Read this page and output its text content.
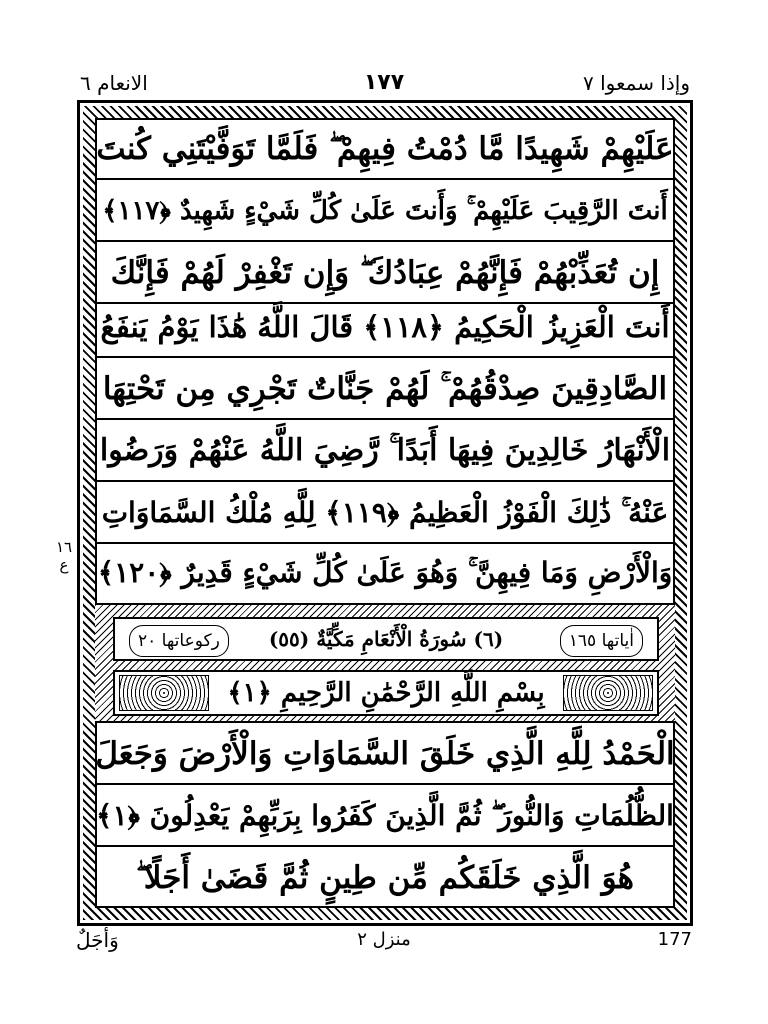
وإذا سمعوا ٧
١٧٧
الانعام ٦
عَلَيْهِمْ شَهِيدًا مَّا دُمْتُ فِيهِمْ ۖ فَلَمَّا تَوَفَّيْتَنِي كُنتَ
أَنتَ الرَّقِيبَ عَلَيْهِمْ ۚ وَأَنتَ عَلَىٰ كُلِّ شَيْءٍ شَهِيدٌ ﴿١١٧﴾
إِن تُعَذِّبْهُمْ فَإِنَّهُمْ عِبَادُكَ ۖ وَإِن تَغْفِرْ لَهُمْ فَإِنَّكَ
أَنتَ الْعَزِيزُ الْحَكِيمُ ﴿١١٨﴾ قَالَ اللَّهُ هَٰذَا يَوْمُ يَنفَعُ
الصَّادِقِينَ صِدْقُهُمْ ۚ لَهُمْ جَنَّاتٌ تَجْرِي مِن تَحْتِهَا
الْأَنْهَارُ خَالِدِينَ فِيهَا أَبَدًا ۚ رَّضِيَ اللَّهُ عَنْهُمْ وَرَضُوا
عَنْهُ ۚ ذَٰلِكَ الْفَوْزُ الْعَظِيمُ ﴿١١٩﴾ لِلَّهِ مُلْكُ السَّمَاوَاتِ
وَالْأَرْضِ وَمَا فِيهِنَّ ۚ وَهُوَ عَلَىٰ كُلِّ شَيْءٍ قَدِيرٌ ﴿١٢٠﴾
١٦ ع
اٰياتها ١٦٥
(٦) سُورَةُ الْأَنْعَامِ مَكِّيَّةٌ (٥٥)
رکوعاتها ٢٠
بِسْمِ اللَّهِ الرَّحْمَٰنِ الرَّحِيمِ ﴿١﴾
الْحَمْدُ لِلَّهِ الَّذِي خَلَقَ السَّمَاوَاتِ وَالْأَرْضَ وَجَعَلَ
الظُّلُمَاتِ وَالنُّورَ ۖ ثُمَّ الَّذِينَ كَفَرُوا بِرَبِّهِمْ يَعْدِلُونَ ﴿١﴾
هُوَ الَّذِي خَلَقَكُم مِّن طِينٍ ثُمَّ قَضَىٰ أَجَلًا ۖ
وَأَجَلٌ	منزل ٢	177
